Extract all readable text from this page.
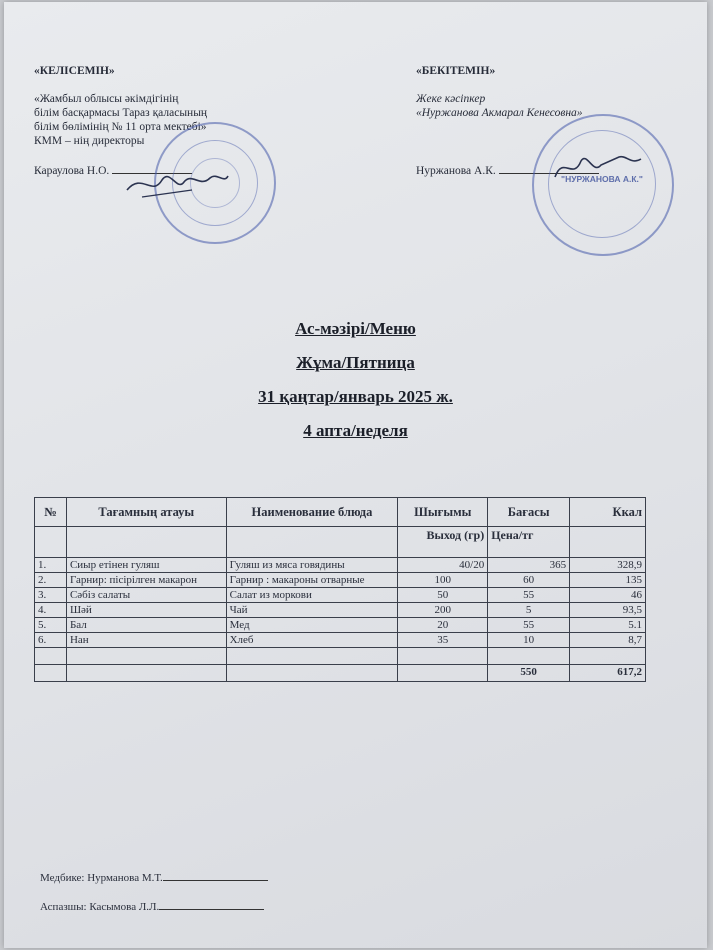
«КЕЛІСЕМІН»
«Жамбыл облысы әкімдігінің
білім басқармасы Тараз қаласының
білім бөлімінің № 11 орта мектебі»
КММ – нің директоры
Караулова Н.О.
«БЕКІТЕМІН»
Жеке кәсіпкер
«Нуржанова Акмарал Кенесовна»
Нуржанова А.К.
"НУРЖАНОВА А.К."
Ас-мәзірі/Меню
Жұма/Пятница
31 қаңтар/январь 2025 ж.
4 апта/неделя
№	Тағамның атауы	Наименование блюда	Шығымы	Бағасы	Ккал
			Выход (гр)	Цена/тг	
1.	Сиыр етінен гуляш	Гуляш из мяса говядины	40/20	365	328,9
2.	Гарнир: пісірілген макарон	Гарнир : макароны отварные	100	60	135
3.	Сәбіз салаты	Салат из моркови	50	55	46
4.	Шәй	Чай	200	5	93,5
5.	Бал	Мед	20	55	5.1
6.	Нан	Хлеб	35	10	8,7

				550	617,2
Медбике: Нурманова М.Т.
Аспазшы: Касымова Л.Л.
